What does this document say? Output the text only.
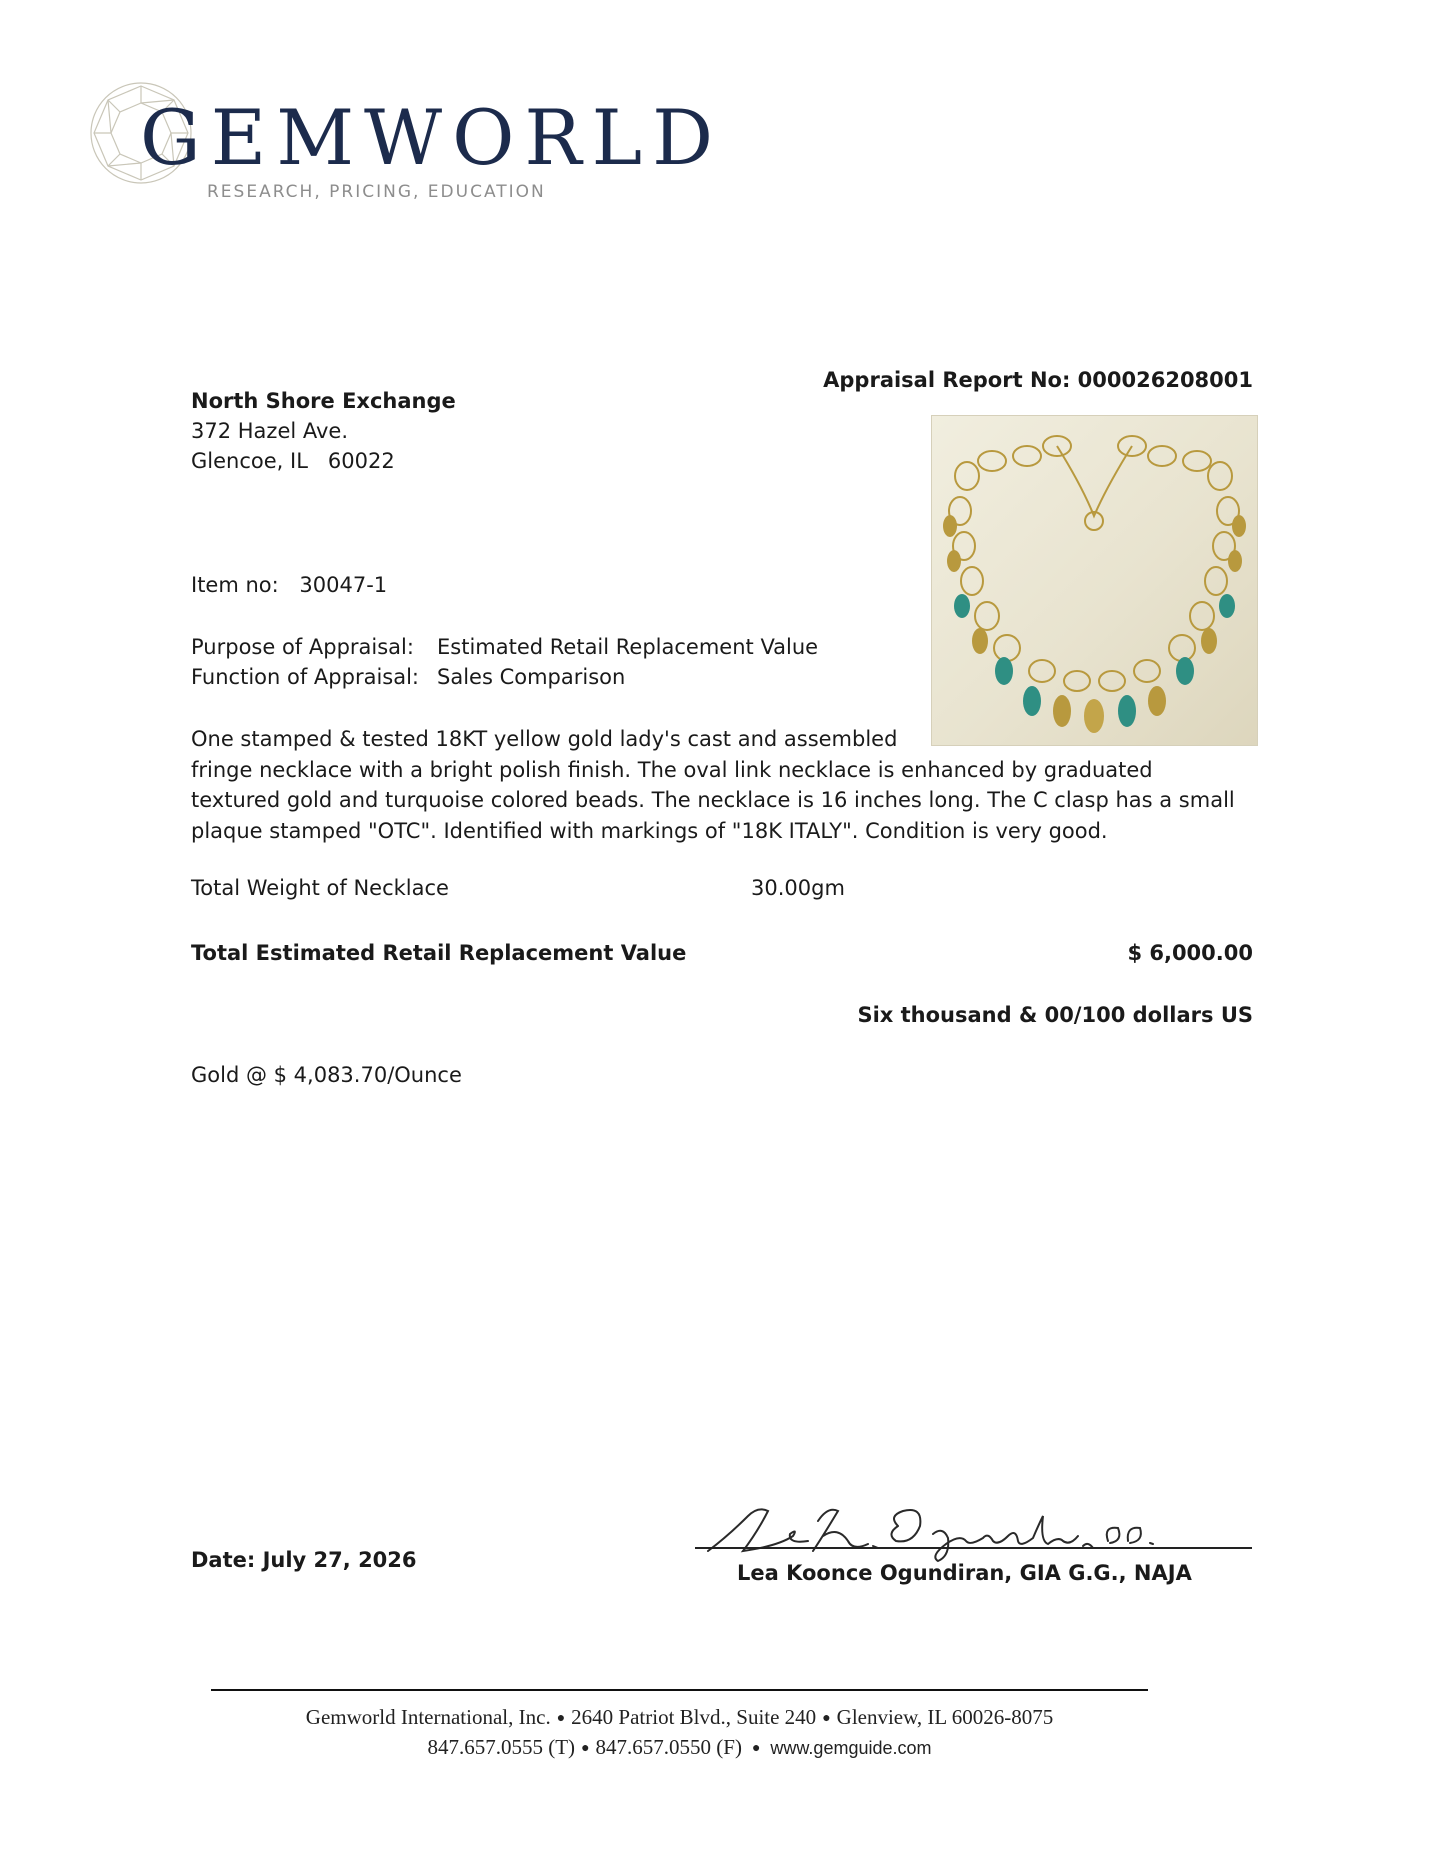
GEMWORLD
RESEARCH, PRICING, EDUCATION
North Shore Exchange
372 Hazel Ave.
Glencoe, IL   60022
Appraisal Report No: 000026208001
Item no: 30047-1
Purpose of Appraisal: Estimated Retail Replacement Value
Function of Appraisal: Sales Comparison
One stamped & tested 18KT yellow gold lady's cast and assembled
fringe necklace with a bright polish finish. The oval link necklace is enhanced by graduated
textured gold and turquoise colored beads. The necklace is 16 inches long. The C clasp has a small
plaque stamped "OTC". Identified with markings of "18K ITALY". Condition is very good.
Total Weight of Necklace	30.00gm
Total Estimated Retail Replacement Value	$ 6,000.00
Six thousand & 00/100 dollars US
Gold @ $ 4,083.70/Ounce
Date: July 27, 2026
Lea Koonce Ogundiran, GIA G.G., NAJA
Gemworld International, Inc. ● 2640 Patriot Blvd., Suite 240 ● Glenview, IL 60026-8075
847.657.0555 (T) ● 847.657.0550 (F) ● www.gemguide.com
